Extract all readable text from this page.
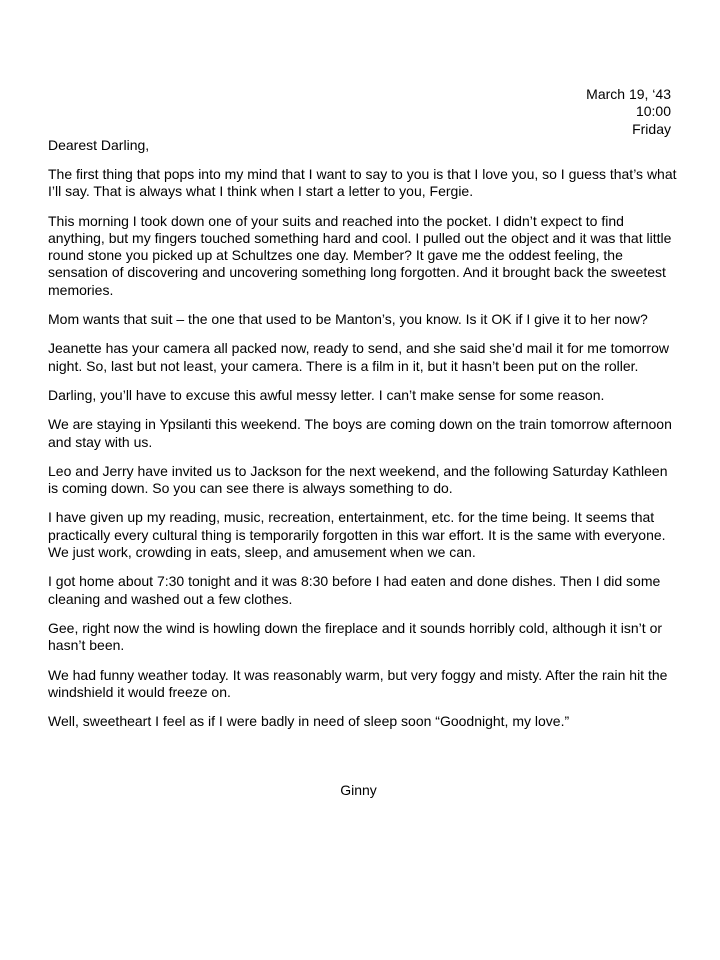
March 19, ‘43
10:00
Friday
Dearest Darling,

The first thing that pops into my mind that I want to say to you is that I love you, so I guess that’s what I’ll say. That is always what I think when I start a letter to you, Fergie.

This morning I took down one of your suits and reached into the pocket. I didn’t expect to find anything, but my fingers touched something hard and cool. I pulled out the object and it was that little round stone you picked up at Schultzes one day. Member? It gave me the oddest feeling, the sensation of discovering and uncovering something long forgotten. And it brought back the sweetest memories.

Mom wants that suit – the one that used to be Manton’s, you know. Is it OK if I give it to her now?

Jeanette has your camera all packed now, ready to send, and she said she’d mail it for me tomorrow night. So, last but not least, your camera. There is a film in it, but it hasn’t been put on the roller.

Darling, you’ll have to excuse this awful messy letter. I can’t make sense for some reason.

We are staying in Ypsilanti this weekend. The boys are coming down on the train tomorrow afternoon and stay with us.

Leo and Jerry have invited us to Jackson for the next weekend, and the following Saturday Kathleen is coming down. So you can see there is always something to do.

I have given up my reading, music, recreation, entertainment, etc. for the time being. It seems that practically every cultural thing is temporarily forgotten in this war effort. It is the same with everyone. We just work, crowding in eats, sleep, and amusement when we can.

I got home about 7:30 tonight and it was 8:30 before I had eaten and done dishes. Then I did some cleaning and washed out a few clothes.

Gee, right now the wind is howling down the fireplace and it sounds horribly cold, although it isn’t or hasn’t been.

We had funny weather today. It was reasonably warm, but very foggy and misty. After the rain hit the windshield it would freeze on.

Well, sweetheart I feel as if I were badly in need of sleep soon “Goodnight, my love.”

Ginny
